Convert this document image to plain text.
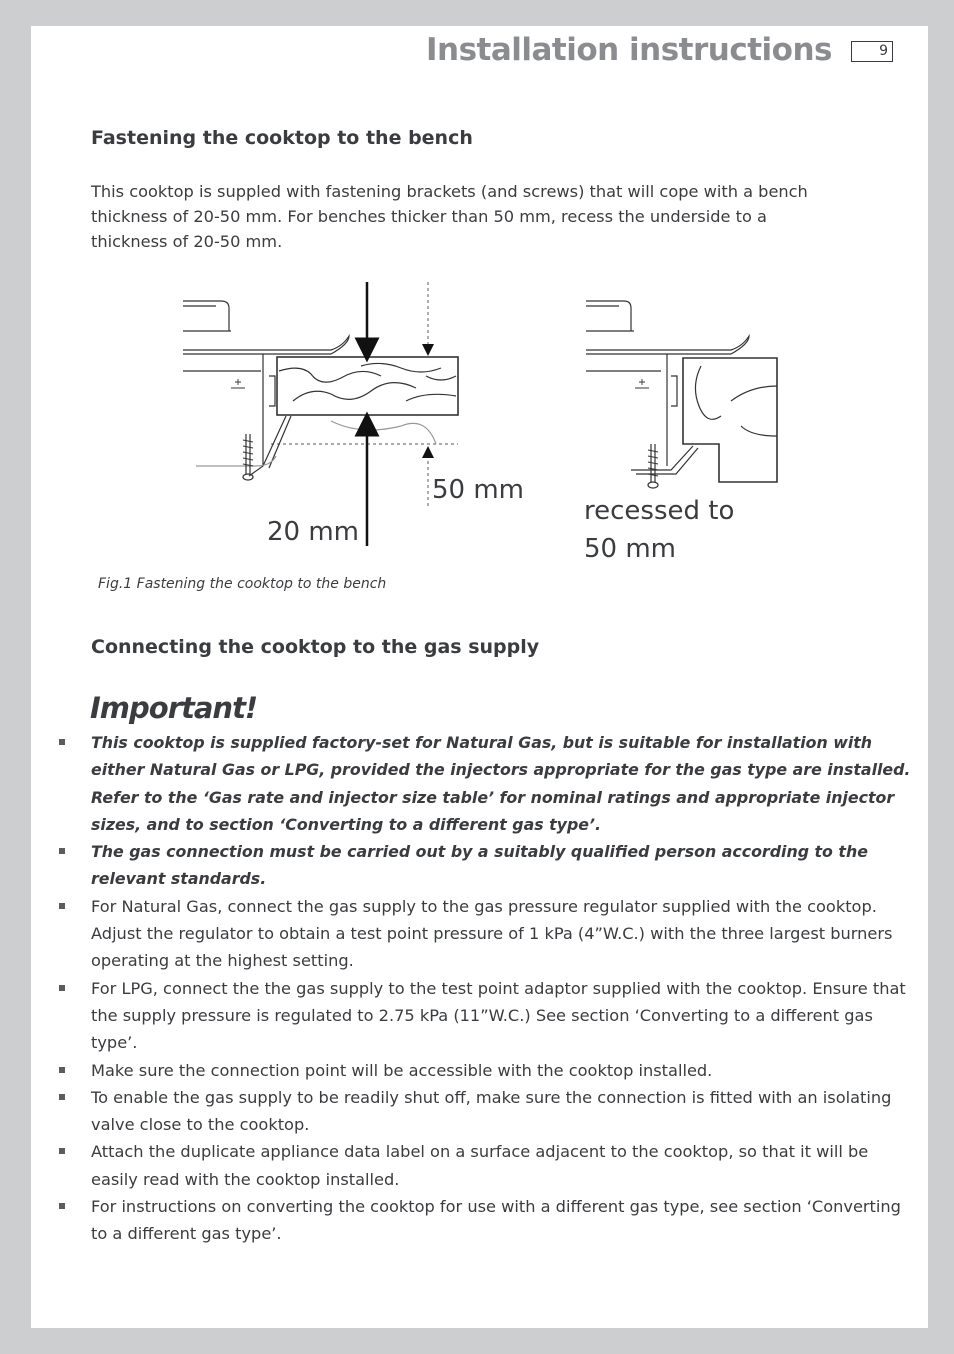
Installation instructions	9
Fastening the cooktop to the bench

This cooktop is suppled with fastening brackets (and screws) that will cope with a bench thickness of 20-50 mm. For benches thicker than 50 mm, recess the underside to a thickness of 20-50 mm.

50 mm
20 mm
recessed to
50 mm
Fig.1 Fastening the cooktop to the bench
Connecting the cooktop to the gas supply
Important!
This cooktop is supplied factory-set for Natural Gas, but is suitable for installation with either Natural Gas or LPG, provided the injectors appropriate for the gas type are installed. Refer to the ‘Gas rate and injector size table’ for nominal ratings and appropriate injector sizes, and to section ‘Converting to a different gas type’.
The gas connection must be carried out by a suitably qualified person according to the relevant standards.
For Natural Gas, connect the gas supply to the gas pressure regulator supplied with the cooktop. Adjust the regulator to obtain a test point pressure of 1 kPa (4”W.C.) with the three largest burners operating at the highest setting.
For LPG, connect the the gas supply to the test point adaptor supplied with the cooktop. Ensure that the supply pressure is regulated to 2.75 kPa (11”W.C.) See section ‘Converting to a different gas type’.
Make sure the connection point will be accessible with the cooktop installed.
To enable the gas supply to be readily shut off, make sure the connection is fitted with an isolating valve close to the cooktop.
Attach the duplicate appliance data label on a surface adjacent to the cooktop, so that it will be easily read with the cooktop installed.
For instructions on converting the cooktop for use with a different gas type, see section ‘Converting to a different gas type’.
